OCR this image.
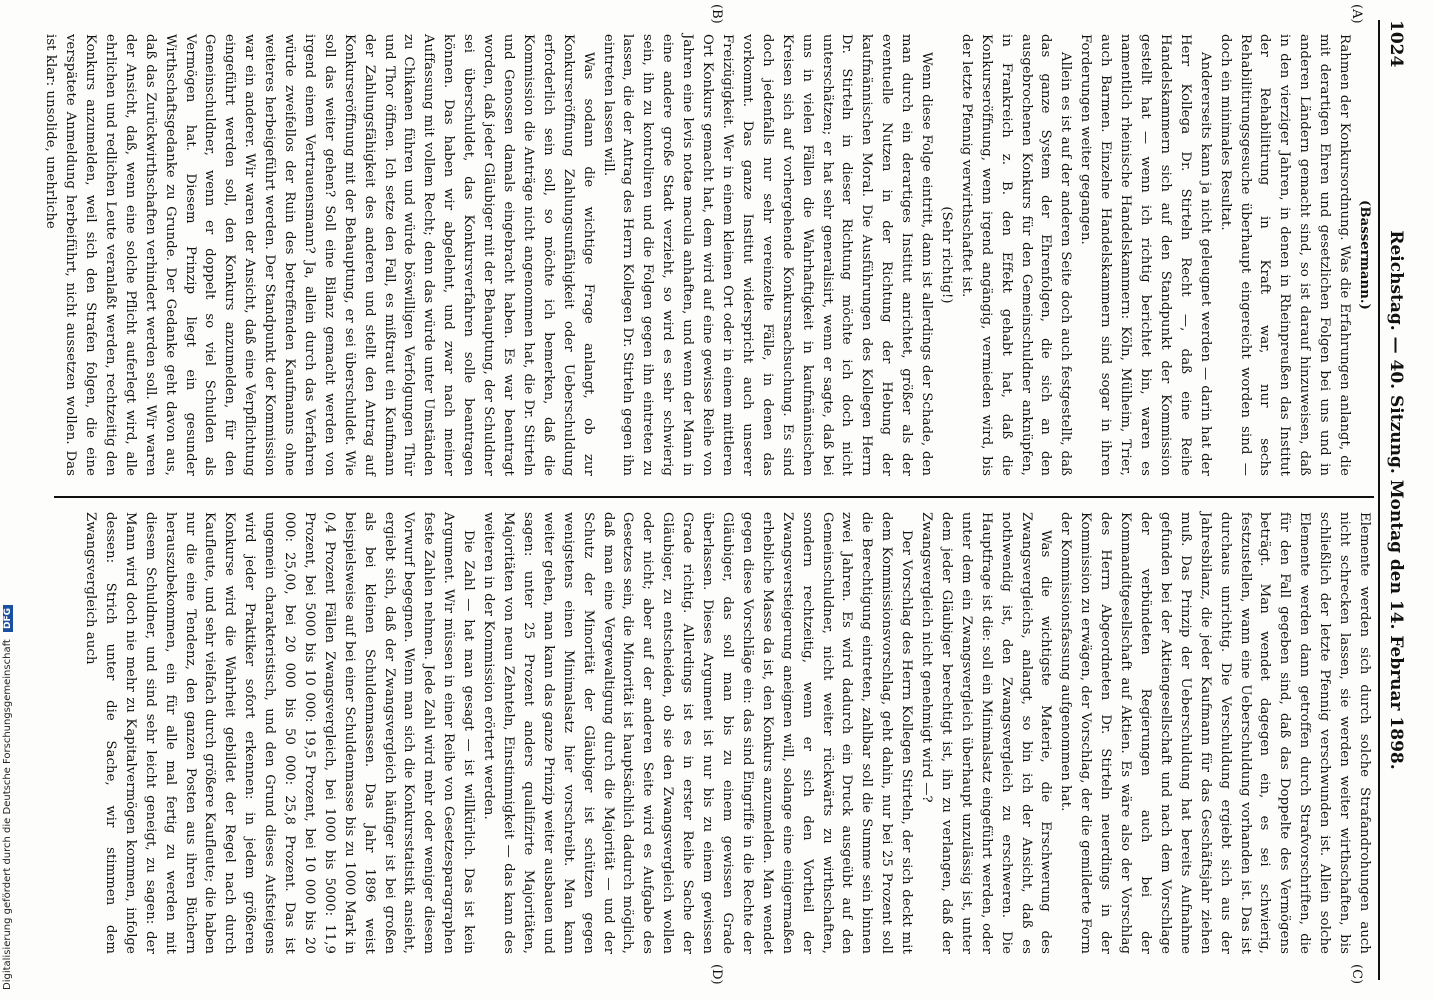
1024
Reichstag. — 40. Sitzung. Montag den 14. Februar 1898.
(A)
(B)
(C)
(D)

(Bassermann.)

Rahmen der Konkursordnung. Was die Erfahrungen anlangt, die mit derartigen Ehren und gesetzlichen Folgen bei uns und in anderen Ländern gemacht sind, so ist darauf hinzuweisen, daß in den vierziger Jahren, in denen in Rheinpreußen das Institut der Rehabilitirung in Kraft war, nur sechs Rehabilitirungsgesuche überhaupt eingereicht worden sind — doch ein minimales Resultat.

Andererseits kann ja nicht geleugnet werden — darin hat der Herr Kollega Dr. Stirteln Recht —, daß eine Reihe Handelskammern sich auf den Standpunkt der Kommission gestellt hat — wenn ich richtig berichtet bin, waren es namentlich rheinische Handelskammern: Köln, Mülheim, Trier, auch Barmen. Einzelne Handelskammern sind sogar in ihren Forderungen weiter gegangen.

Allein es ist auf der anderen Seite doch auch festgestellt, daß das ganze System der Ehrenfolgen, die sich an den ausgebrochenen Konkurs für den Gemeinschuldner anknüpfen, in Frankreich z. B. den Effekt gehabt hat, daß die Konkurseröffnung, wenn irgend angängig, vermieden wird, bis der letzte Pfennig verwirthschaftet ist.

(Sehr richtig!)

Wenn diese Folge eintritt, dann ist allerdings der Schade, den man durch ein derartiges Institut anrichtet, größer als der eventuelle Nutzen in der Richtung der Hebung der kaufmännischen Moral. Die Ausführungen des Kollegen Herrn Dr. Stirteln in dieser Richtung möchte ich doch nicht unterschätzen; er hat sehr generalisirt, wenn er sagte, daß bei uns in vielen Fällen die Wahrhaftigkeit in kaufmännischen Kreisen sich auf vorhergehende Konkursnachsuchung. Es sind doch jedenfalls nur sehr vereinzelte Fälle, in denen das vorkommt. Das ganze Institut widerspricht auch unserer Freizügigkeit. Wer in einem kleinen Ort oder in einem mittleren Ort Konkurs gemacht hat, dem wird auf eine gewisse Reihe von Jahren eine levis notae macula anhaften, und wenn der Mann in eine andere große Stadt verzieht, so wird es sehr schwierig sein, ihn zu kontroliren und die Folgen gegen ihn eintreten zu lassen, die der Antrag des Herrn Kollegen Dr. Stirteln gegen ihn eintreten lassen will.

Was sodann die wichtige Frage anlangt, ob zur Konkurseröffnung Zahlungsunfähigkeit oder Ueberschuldung erforderlich sein soll, so möchte ich bemerken, daß die Kommission die Anträge nicht angenommen hat, die Dr. Stirteln und Genossen damals eingebracht haben. Es war beantragt worden, daß jeder Gläubiger mit der Behauptung, der Schuldner sei überschuldet, das Konkursverfahren solle beantragen können. Das haben wir abgelehnt, und zwar nach meiner Auffassung mit vollem Recht; denn das würde unter Umständen zu Chikanen führen und würde böswilligen Verfolgungen Thür und Thor öffnen. Ich setze den Fall, es mißtraut ein Kaufmann der Zahlungsfähigkeit des anderen und stellt den Antrag auf Konkurseröffnung mit der Behauptung, er sei überschuldet. Wie soll das weiter gehen? Soll eine Bilanz gemacht werden von irgend einem Vertrauensmann? Ja, allein durch das Verfahren würde zweifellos der Ruin des betreffenden Kaufmanns ohne weiteres herbeigeführt werden. Der Standpunkt der Kommission war ein anderer. Wir waren der Ansicht, daß eine Verpflichtung eingeführt werden soll, den Konkurs anzumelden, für den Gemeinschuldner, wenn er doppelt so viel Schulden als Vermögen hat. Diesem Prinzip liegt ein gesunder Wirthschaftsgedanke zu Grunde. Der Gedanke geht davon aus, daß das Zurückwirthschaften verhindert werden soll. Wir waren der Ansicht, daß, wenn eine solche Pflicht auferlegt wird, alle ehrlichen und redlichen Leute veranlaßt werden, rechtzeitig den Konkurs anzumelden, weil sich den Strafen folgen, die eine verspätete Anmeldung herbeiführt, nicht aussetzen wollen. Das ist klar: unsolide, unehrliche

Elemente werden sich durch solche Strafandrohungen auch nicht schrecken lassen, sie werden weiter wirthschaften, bis schließlich der letzte Pfennig verschwunden ist. Allein solche Elemente werden dann getroffen durch Strafvorschriften, die für den Fall gegeben sind, daß das Doppelte des Vermögens beträgt. Man wendet dagegen ein, es sei schwierig, festzustellen, wann eine Ueberschuldung vorhanden ist. Das ist durchaus unrichtig. Die Verschuldung ergiebt sich aus der Jahresbilanz, die jeder Kaufmann für das Geschäftsjahr ziehen muß. Das Prinzip der Ueberschuldung hat bereits Aufnahme gefunden bei der Aktiengesellschaft und nach dem Vorschlage der verbündeten Regierungen auch bei der Kommanditgesellschaft auf Aktien. Es wäre also der Vorschlag des Herrn Abgeordneten Dr. Stirteln neuerdings in der Kommission zu erwägen, der Vorschlag, der die gemilderte Form der Kommissionsfassung aufgenommen hat.

Was die wichtigste Materie, die Erschwerung des Zwangsvergleichs, anlangt, so bin ich der Ansicht, daß es nothwendig ist, den Zwangsvergleich zu erschweren. Die Hauptfrage ist die: soll ein Minimalsatz eingeführt werden, oder unter dem ein Zwangsvergleich überhaupt unzulässig ist, unter dem jeder Gläubiger berechtigt ist, ihn zu verlangen, daß der Zwangsvergleich nicht genehmigt wird —?

Der Vorschlag des Herrn Kollegen Stirteln, der sich deckt mit dem Kommissionsvorschlag, geht dahin, nur bei 25 Prozent soll die Berechtigung eintreten, zahlbar soll die Summe sein binnen zwei Jahren. Es wird dadurch ein Druck ausgeübt auf den Gemeinschuldner, nicht weiter rückwärts zu wirthschaften, sondern rechtzeitig, wenn er sich den Vortheil der Zwangsversteigerung aneignen will, solange eine einigermaßen erhebliche Masse da ist, den Konkurs anzumelden. Man wendet gegen diese Vorschläge ein: das sind Eingriffe in die Rechte der Gläubiger, das soll man bis zu einem gewissen Grade überlassen. Dieses Argument ist nur bis zu einem gewissen Grade richtig. Allerdings ist es in erster Reihe Sache der Gläubiger, zu entscheiden, ob sie den Zwangsvergleich wollen oder nicht; aber auf der anderen Seite wird es Aufgabe des Gesetzes sein, die Minorität ist hauptsächlich dadurch möglich, daß man eine Vergewaltigung durch die Majorität — und der Schutz der Minorität der Gläubiger ist schützen gegen wenigstens einen Minimalsatz hier vorschreibt. Man kann weiter gehen, man kann das ganze Prinzip weiter ausbauen und sagen: unter 25 Prozent anders qualifizirte Majoritäten, Majoritäten von neun Zehnteln, Einstimmigkeit — das kann des weiteren in der Kommission erörtert werden.

Die Zahl — hat man gesagt — ist willkürlich. Das ist kein Argument. Wir müssen in einer Reihe von Gesetzesparagraphen feste Zahlen nehmen. Jede Zahl wird mehr oder weniger diesem Vorwurf begegnen. Wenn man sich die Konkursstatistik ansieht, ergiebt sich, daß der Zwangsvergleich häufiger ist bei großen als bei kleinen Schuldenmassen. Das Jahr 1896 weist beispielsweise auf bei einer Schuldenmasse bis zu 1000 Mark in 0,4 Prozent Fällen Zwangsvergleich, bei 1000 bis 5000: 11,9 Prozent, bei 5000 bis 10 000: 19,5 Prozent, bei 10 000 bis 20 000: 25,00, bei 20 000 bis 50 000: 25,8 Prozent. Das ist ungemein charakteristisch, und den Grund dieses Aufsteigens wird jeder Praktiker sofort erkennen: in jedem größeren Konkurse wird die Wahrheit gebildet der Regel nach durch Kaufleute, und sehr vielfach durch größere Kaufleute; die haben nur die eine Tendenz, den ganzen Posten aus ihren Büchern herauszubekommen, ein für alle mal fertig zu werden mit diesem Schuldner, und sind sehr leicht geneigt, zu sagen: der Mann wird doch nie mehr zu Kapitalvermögen kommen, infolge dessen: Strich unter die Sache, wir stimmen dem Zwangsvergleich auch

Digitalisierung gefördert durch die Deutsche Forschungsgemeinschaft DFG
